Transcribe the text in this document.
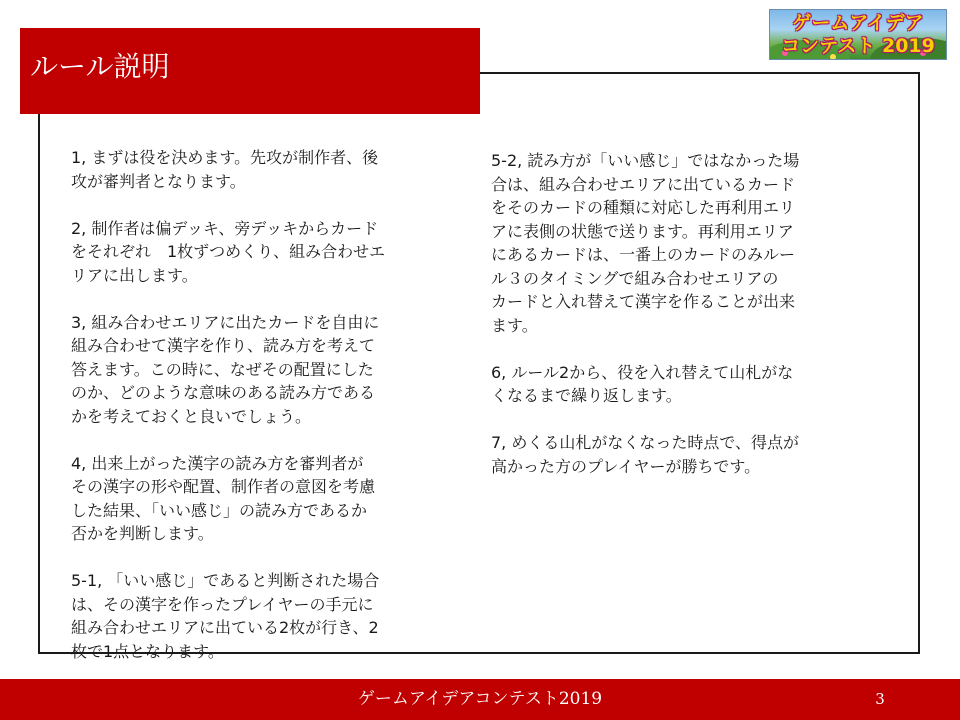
ルール説明
ゲームアイデア
コンテスト 2019

1, まずは役を決めます。先攻が制作者、後
攻が審判者となります。

2, 制作者は偏デッキ、旁デッキからカード
をそれぞれ　1枚ずつめくり、組み合わせエ
リアに出します。

3, 組み合わせエリアに出たカードを自由に
組み合わせて漢字を作り、読み方を考えて
答えます。この時に、なぜその配置にした
のか、どのような意味のある読み方である
かを考えておくと良いでしょう。

4, 出来上がった漢字の読み方を審判者が
その漢字の形や配置、制作者の意図を考慮
した結果、「いい感じ」の読み方であるか
否かを判断します。

5-1, 「いい感じ」であると判断された場合
は、その漢字を作ったプレイヤーの手元に
組み合わせエリアに出ている2枚が行き、2
枚で1点となります。

5-2, 読み方が「いい感じ」ではなかった場
合は、組み合わせエリアに出ているカード
をそのカードの種類に対応した再利用エリ
アに表側の状態で送ります。再利用エリア
にあるカードは、一番上のカードのみルー
ル３のタイミングで組み合わせエリアの
カードと入れ替えて漢字を作ることが出来
ます。

6, ルール2から、役を入れ替えて山札がな
くなるまで繰り返します。

7, めくる山札がなくなった時点で、得点が
高かった方のプレイヤーが勝ちです。

ゲームアイデアコンテスト2019	3
